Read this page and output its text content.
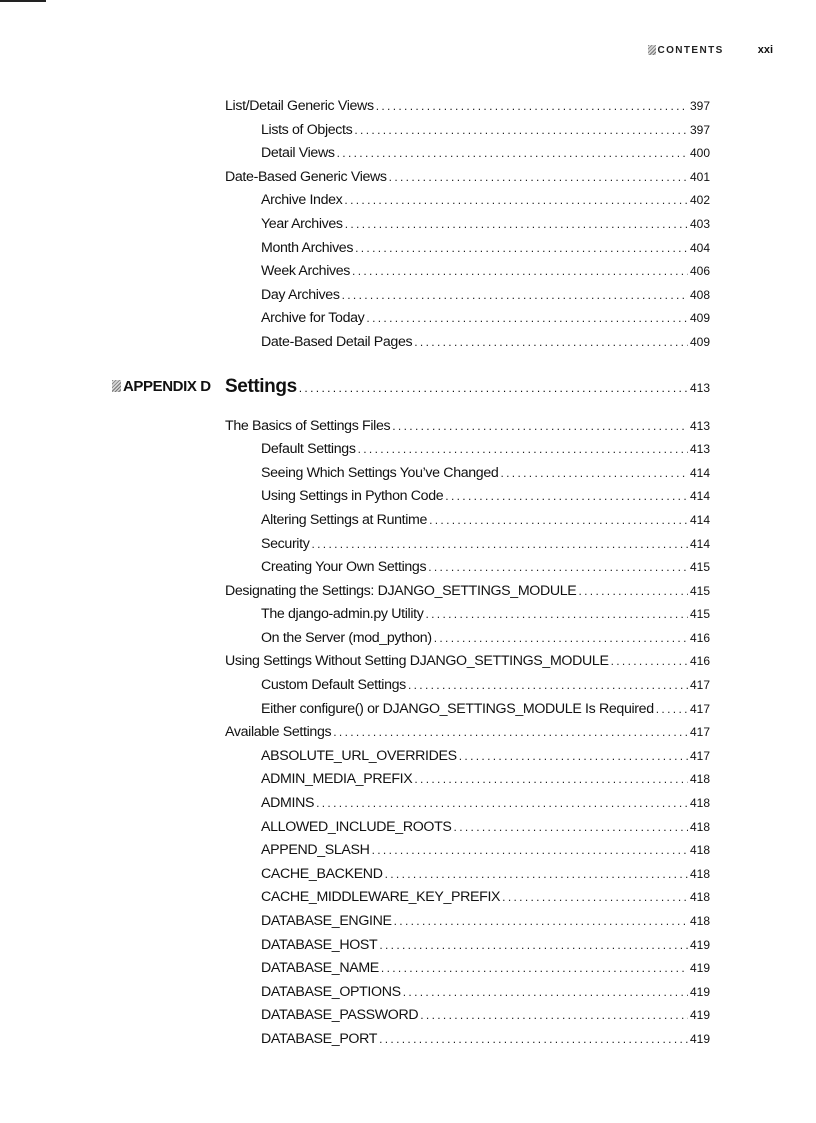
CONTENTS	xxi
List/Detail Generic Views . . .	397
Lists of Objects . . .	397
Detail Views . . .	400
Date-Based Generic Views . . .	401
Archive Index . . .	402
Year Archives . . .	403
Month Archives . . .	404
Week Archives . . .	406
Day Archives . . .	408
Archive for Today . . .	409
Date-Based Detail Pages . . .	409
APPENDIX D Settings . . .	413
The Basics of Settings Files . . .	413
Default Settings . . .	413
Seeing Which Settings You’ve Changed . . .	414
Using Settings in Python Code . . .	414
Altering Settings at Runtime . . .	414
Security . . .	414
Creating Your Own Settings . . .	415
Designating the Settings: DJANGO_SETTINGS_MODULE . . .	415
The django-admin.py Utility . . .	415
On the Server (mod_python) . . .	416
Using Settings Without Setting DJANGO_SETTINGS_MODULE . . .	416
Custom Default Settings . . .	417
Either configure() or DJANGO_SETTINGS_MODULE Is Required . . .	417
Available Settings . . .	417
ABSOLUTE_URL_OVERRIDES . . .	417
ADMIN_MEDIA_PREFIX . . .	418
ADMINS . . .	418
ALLOWED_INCLUDE_ROOTS . . .	418
APPEND_SLASH . . .	418
CACHE_BACKEND . . .	418
CACHE_MIDDLEWARE_KEY_PREFIX . . .	418
DATABASE_ENGINE . . .	418
DATABASE_HOST . . .	419
DATABASE_NAME . . .	419
DATABASE_OPTIONS . . .	419
DATABASE_PASSWORD . . .	419
DATABASE_PORT . . .	419
